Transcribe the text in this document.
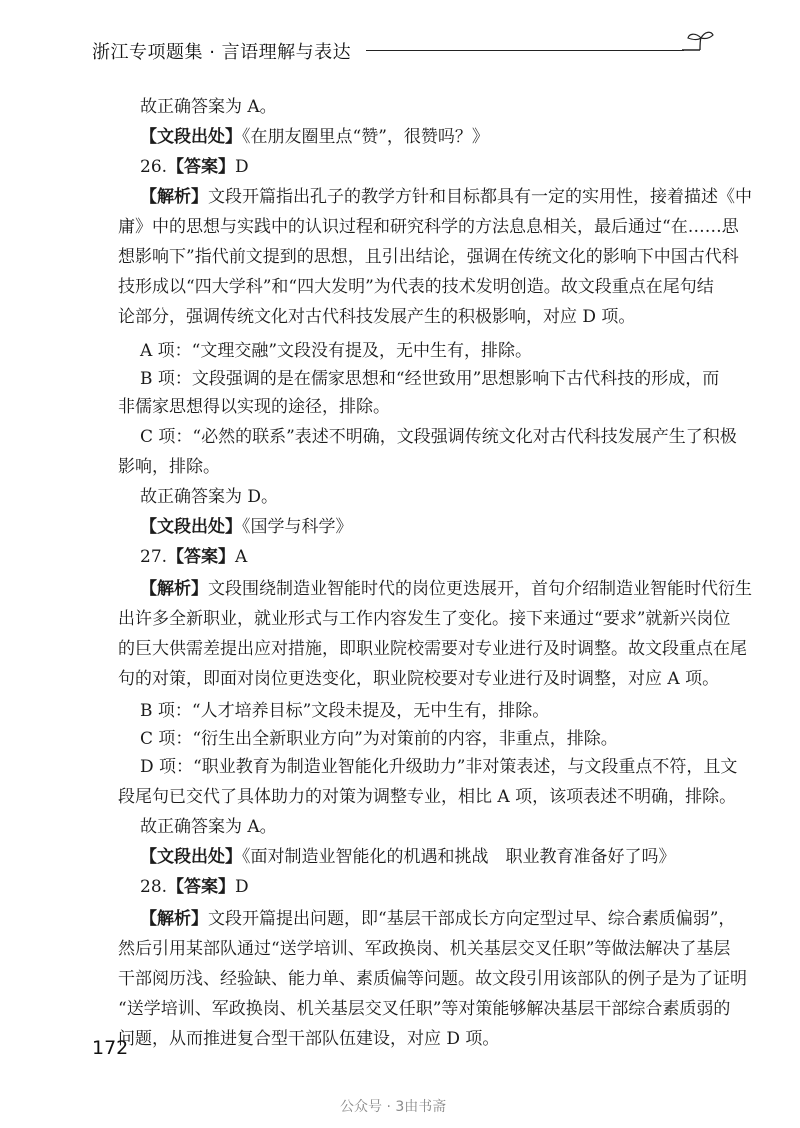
浙江专项题集 · 言语理解与表达
故正确答案为 A。
【文段出处】《在朋友圈里点“赞”，很赞吗？》
26.【答案】D
【解析】文段开篇指出孔子的教学方针和目标都具有一定的实用性，接着描述《中
庸》中的思想与实践中的认识过程和研究科学的方法息息相关，最后通过“在……思
想影响下”指代前文提到的思想，且引出结论，强调在传统文化的影响下中国古代科
技形成以“四大学科”和“四大发明”为代表的技术发明创造。故文段重点在尾句结
论部分，强调传统文化对古代科技发展产生的积极影响，对应 D 项。
A 项：“文理交融”文段没有提及，无中生有，排除。
B 项：文段强调的是在儒家思想和“经世致用”思想影响下古代科技的形成，而
非儒家思想得以实现的途径，排除。
C 项：“必然的联系”表述不明确，文段强调传统文化对古代科技发展产生了积极
影响，排除。
故正确答案为 D。
【文段出处】《国学与科学》
27.【答案】A
【解析】文段围绕制造业智能时代的岗位更迭展开，首句介绍制造业智能时代衍生
出许多全新职业，就业形式与工作内容发生了变化。接下来通过“要求”就新兴岗位
的巨大供需差提出应对措施，即职业院校需要对专业进行及时调整。故文段重点在尾
句的对策，即面对岗位更迭变化，职业院校要对专业进行及时调整，对应 A 项。
B 项：“人才培养目标”文段未提及，无中生有，排除。
C 项：“衍生出全新职业方向”为对策前的内容，非重点，排除。
D 项：“职业教育为制造业智能化升级助力”非对策表述，与文段重点不符，且文
段尾句已交代了具体助力的对策为调整专业，相比 A 项，该项表述不明确，排除。
故正确答案为 A。
【文段出处】《面对制造业智能化的机遇和挑战　职业教育准备好了吗》
28.【答案】D
【解析】文段开篇提出问题，即“基层干部成长方向定型过早、综合素质偏弱”，
然后引用某部队通过“送学培训、军政换岗、机关基层交叉任职”等做法解决了基层
干部阅历浅、经验缺、能力单、素质偏等问题。故文段引用该部队的例子是为了证明
“送学培训、军政换岗、机关基层交叉任职”等对策能够解决基层干部综合素质弱的
问题，从而推进复合型干部队伍建设，对应 D 项。
172
公众号 · 3由书斋
